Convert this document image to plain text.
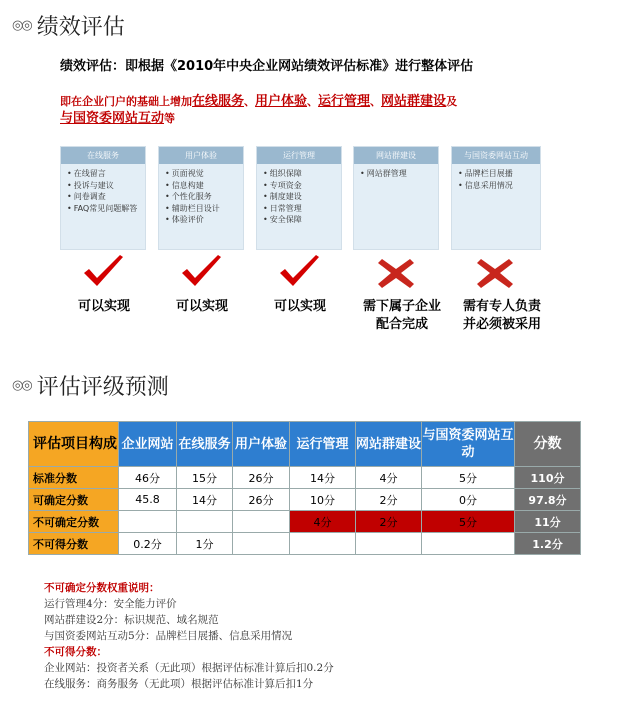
◎◎ 绩效评估
绩效评估：即根据《2010年中央企业网站绩效评估标准》进行整体评估
即在企业门户的基础上增加在线服务、用户体验、运行管理、网站群建设及
与国资委网站互动等
在线服务
• 在线留言
• 投诉与建议
• 问卷调查
• FAQ常见问题解答
用户体验
• 页面视觉
• 信息构建
• 个性化服务
• 辅助栏目设计
• 体验评价
运行管理
• 组织保障
• 专项资金
• 制度建设
• 日常管理
• 安全保障
网站群建设
• 网站群管理
与国资委网站互动
• 品牌栏目展播
• 信息采用情况
可以实现	可以实现	可以实现	需下属子企业配合完成
需有专人负责并必须被采用
◎◎ 评估评级预测
评估项目构成	企业网站	在线服务	用户体验	运行管理	网站群建设	与国资委网站互动	分数
标准分数	46分	15分	26分	14分	4分	5分	110分
可确定分数	45.8	14分	26分	10分	2分	0分	97.8分
不可确定分数				4分	2分	5分	11分
不可得分数	0.2分	1分					1.2分
不可确定分数权重说明：
运行管理4分：安全能力评价
网站群建设2分：标识规范、域名规范
与国资委网站互动5分：品牌栏目展播、信息采用情况
不可得分数：
企业网站：投资者关系（无此项）根据评估标准计算后扣0.2分
在线服务：商务服务（无此项）根据评估标准计算后扣1分
